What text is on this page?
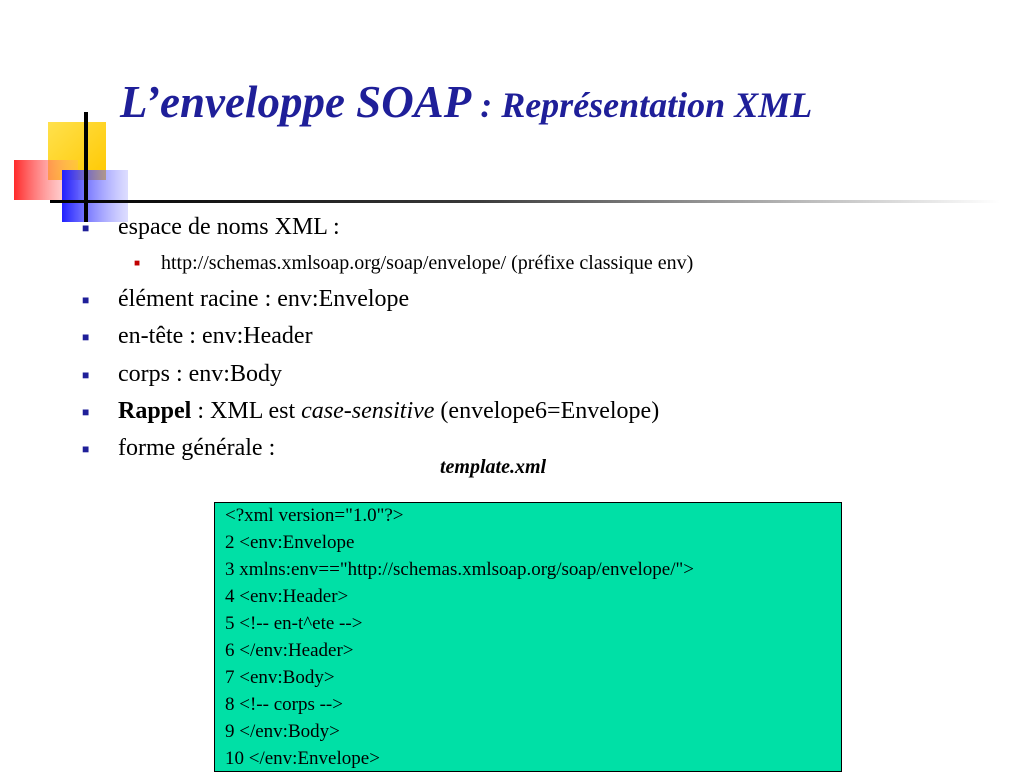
L’enveloppe SOAP : Représentation XML
■ espace de noms XML :
■ http://schemas.xmlsoap.org/soap/envelope/ (préfixe classique env)
■ élément racine : env:Envelope
■ en-tête : env:Header
■ corps : env:Body
■ Rappel : XML est case-sensitive (envelope6=Envelope)
■ forme générale :
template.xml
<?xml version="1.0"?>
2 <env:Envelope
3 xmlns:env=="http://schemas.xmlsoap.org/soap/envelope/">
4 <env:Header>
5 <!-- en-t^ete -->
6 </env:Header>
7 <env:Body>
8 <!-- corps -->
9 </env:Body>
10 </env:Envelope>
